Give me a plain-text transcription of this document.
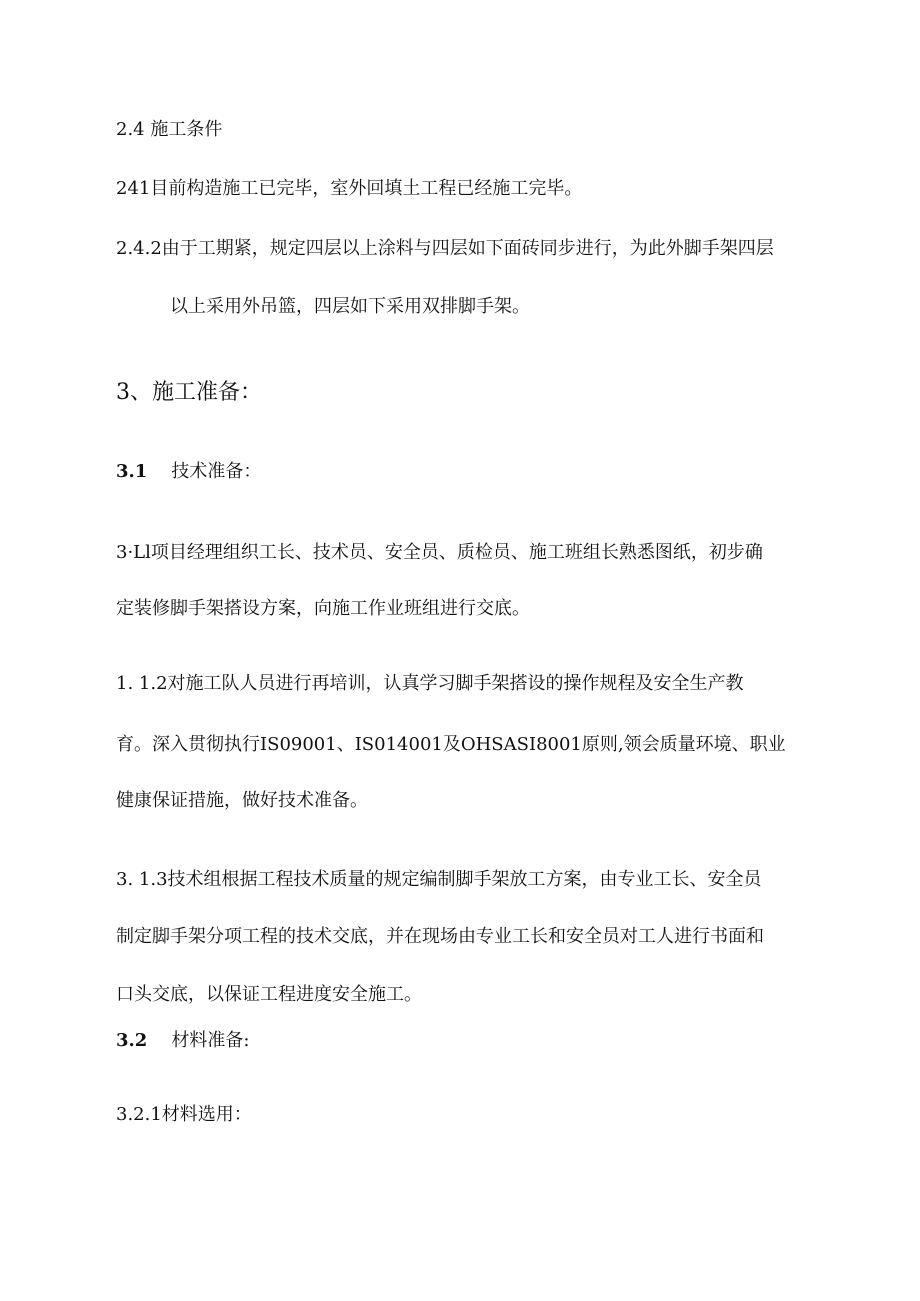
2.4 施工条件
241目前构造施工已完毕，室外回填土工程已经施工完毕。
2.4.2由于工期紧，规定四层以上涂料与四层如下面砖同步进行，为此外脚手架四层
以上采用外吊篮，四层如下采用双排脚手架。
3、施工准备：
3.1 技术准备：
3·Ll项目经理组织工长、技术员、安全员、质检员、施工班组长熟悉图纸，初步确
定装修脚手架搭设方案，向施工作业班组进行交底。
1. 1.2对施工队人员进行再培训，认真学习脚手架搭设的操作规程及安全生产教
育。深入贯彻执行IS09001、IS014001及OHSASI8001原则,领会质量环境、职业
健康保证措施，做好技术准备。
3. 1.3技术组根据工程技术质量的规定编制脚手架放工方案，由专业工长、安全员
制定脚手架分项工程的技术交底，并在现场由专业工长和安全员对工人进行书面和
口头交底，以保证工程进度安全施工。
3.2 材料准备:
3.2.1材料选用：
